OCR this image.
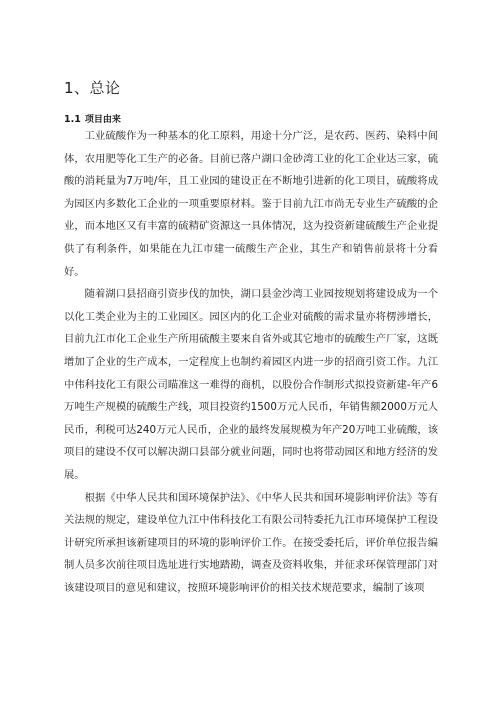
1、总论
1.1 项目由来

工业硫酸作为一种基本的化工原料，用途十分广泛，是农药、医药、染料中间体，农用肥等化工生产的必备。目前已落户湖口金砂湾工业的化工企业达三家，硫酸的消耗量为7万吨/年，且工业园的建设正在不断地引进新的化工项目，硫酸将成为园区内多数化工企业的一项重要原材料。鉴于目前九江市尚无专业生产硫酸的企业，而本地区又有丰富的硫精矿资源这一具体情况，这为投资新建硫酸生产企业提供了有利条件，如果能在九江市建一硫酸生产企业，其生产和销售前景将十分看好。

随着湖口县招商引资步伐的加快，湖口县金沙湾工业园按规划将建设成为一个以化工类企业为主的工业园区。园区内的化工企业对硫酸的需求量亦将楞涉增长，目前九江市化工企业生产所用硫酸主要来自省外或其它地市的硫酸生产厂家，这既增加了企业的生产成本，一定程度上也制约着园区内进一步的招商引资工作。九江中伟科技化工有限公司瞄准这一难得的商机，以股份合作制形式拟投资新建-年产6万吨生产规模的硫酸生产线，项目投资约1500万元人民币，年销售额2000万元人民币，利税可达240万元人民币，企业的最终发展规模为年产20万吨工业硫酸，该项目的建设不仅可以解决湖口县部分就业问题，同时也将带动园区和地方经济的发展。

根据《中华人民共和国环境保护法》、《中华人民共和国环境影响评价法》等有关法规的规定，建设单位九江中伟科技化工有限公司特委托九江市环境保护工程设计研究所承担该新建项目的环境的影响评价工作。在接受委托后，评价单位报告编制人员多次前往项目选址进行实地踏勘，调查及资料收集，并征求环保管理部门对该建设项目的意见和建议，按照环境影响评价的相关技术规范要求，编制了该项
